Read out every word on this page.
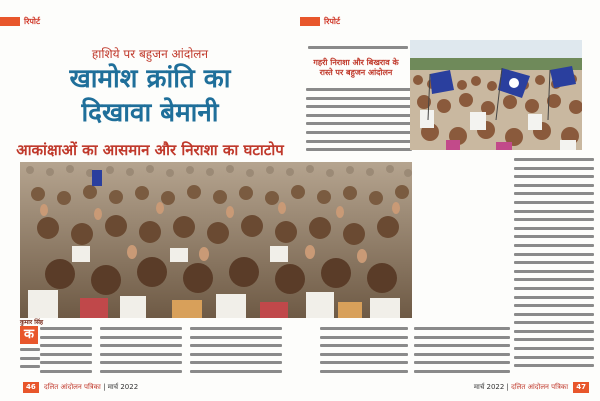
रिपोर्ट
हाशिये पर बहुजन आंदोलन
खामोश क्रांति का
दिखावा बेमानी
आकांक्षाओं का आसमान और निराशा का घटाटोप
कुमार सिंह
क
46 दलित आंदोलन पत्रिका | मार्च 2022
रिपोर्ट
मार्च 2022 | दलित आंदोलन पत्रिका 47
गहरी निराशा और बिखराव के रास्ते पर बहुजन आंदोलन
